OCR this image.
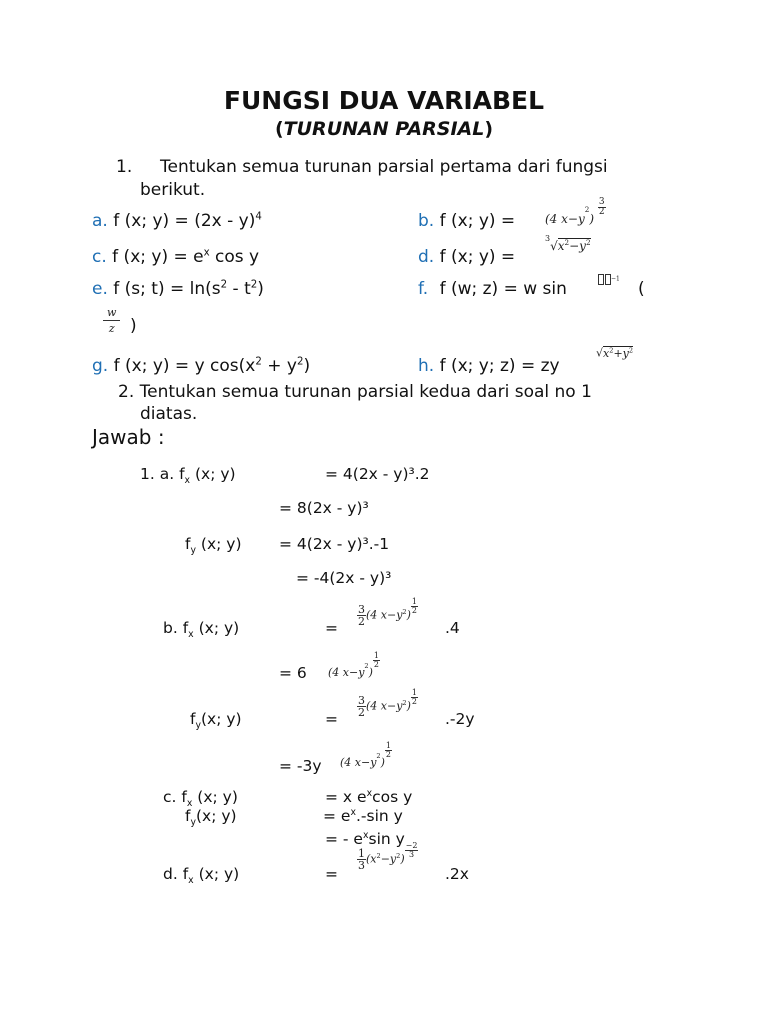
FUNGSI DUA VARIABEL
(TURUNAN PARSIAL)
1. Tentukan semua turunan parsial pertama dari fungsi
berikut.
a. f (x; y) = (2x - y)$^4$	b. f (x; y) = (4 $x-y^2$)
$\frac{3}{2}$
c. f (x; $y) = e^x$ cos y	d. f (x; y) =
$^3√x^2-y^2$
e. f (s; $t) = \ln(s^2 - t^2)$	f. f (w; z) = w sin	$^{-1}$ (
$\frac{w}{z}$ )
g. f (x; y) = y $\cos(x^2 + y^2)$	h. f (x; y; z) = zy
$√x^2+y^2$
2. Tentukan semua turunan parsial kedua dari soal no 1
diatas.
Jawab :
1. a. $f_x$ (x; y)	= 4(2x - y)³.2
= 8(2x - y)³
$f_y$ (x; y) = 4(2x - y)³.-1
= -4(2x - y)³
b. $f_x$ (x; y)	=
$\frac{3}{2} (4$ $x-y^2) \frac{1}{2}$
.4
= 6 (4 $x-y^2$)
$\frac{1}{2}$
$f_y(x$; y)	=
$\frac{3}{2} (4$ $x-y^2) \frac{1}{2}$
.-2y
= -3y (4 $x-y^2$)
$\frac{1}{2}$
c. $f_x$ (x; y)	= x $e^x\cos$ y
$f_y(x$; y)	= $e^x.-\sin$ y
= - $e^x\sin$ y
d. $f_x$ (x; y)	=
$\frac{1}{3} (x^2-y^2) \frac{-2}{3}$
.2x
